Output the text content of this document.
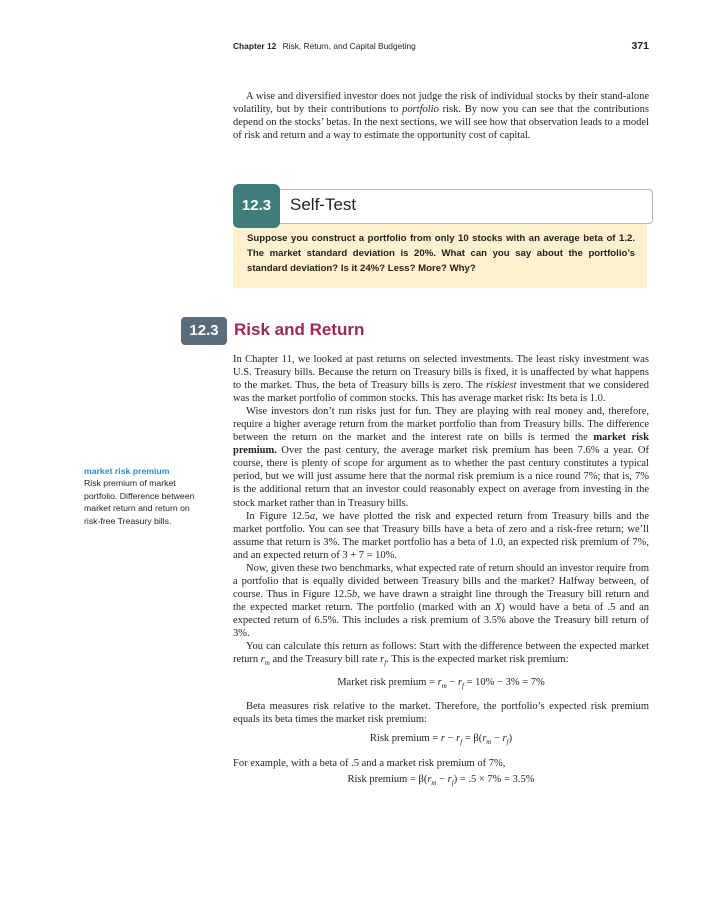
Chapter 12 Risk, Return, and Capital Budgeting	371

A wise and diversified investor does not judge the risk of individual stocks by their stand-alone volatility, but by their contributions to portfolio risk. By now you can see that the contributions depend on the stocks’ betas. In the next sections, we will see how that observation leads to a model of risk and return and a way to estimate the opportunity cost of capital.

12.3	Self-Test
Suppose you construct a portfolio from only 10 stocks with an average beta of 1.2. The market standard deviation is 20%. What can you say about the portfolio’s standard deviation? Is it 24%? Less? More? Why?
12.3 Risk and Return
market risk premium
Risk premium of market portfolio. Difference between market return and return on risk-free Treasury bills.

In Chapter 11, we looked at past returns on selected investments. The least risky investment was U.S. Treasury bills. Because the return on Treasury bills is fixed, it is unaffected by what happens to the market. Thus, the beta of Treasury bills is zero. The riskiest investment that we considered was the market portfolio of common stocks. This has average market risk: Its beta is 1.0.

Wise investors don’t run risks just for fun. They are playing with real money and, therefore, require a higher average return from the market portfolio than from Treasury bills. The difference between the return on the market and the interest rate on bills is termed the market risk premium. Over the past century, the average market risk premium has been 7.6% a year. Of course, there is plenty of scope for argument as to whether the past century constitutes a typical period, but we will just assume here that the normal risk premium is a nice round 7%; that is, 7% is the additional return that an investor could reasonably expect on average from investing in the stock market rather than in Treasury bills.

In Figure 12.5a, we have plotted the risk and expected return from Treasury bills and the market portfolio. You can see that Treasury bills have a beta of zero and a risk-free return; we’ll assume that return is 3%. The market portfolio has a beta of 1.0, an expected risk premium of 7%, and an expected return of 3 + 7 = 10%.

Now, given these two benchmarks, what expected rate of return should an investor require from a portfolio that is equally divided between Treasury bills and the market? Halfway between, of course. Thus in Figure 12.5b, we have drawn a straight line through the Treasury bill return and the expected market return. The portfolio (marked with an X) would have a beta of .5 and an expected return of 6.5%. This includes a risk premium of 3.5% above the Treasury bill return of 3%.

You can calculate this return as follows: Start with the difference between the expected market return $r_m$ and the Treasury bill rate $r_f$. This is the expected market risk premium:

Market risk premium = $r_m - r_f = 10\% - 3\% = 7\%$

Beta measures risk relative to the market. Therefore, the portfolio’s expected risk premium equals its beta times the market risk premium:

Risk premium = $r - r_f = \beta(r_m - r_f)$

For example, with a beta of .5 and a market risk premium of 7%,

Risk premium = $\beta(r_m - r_f) = .5 \times 7\% = 3.5\%$
